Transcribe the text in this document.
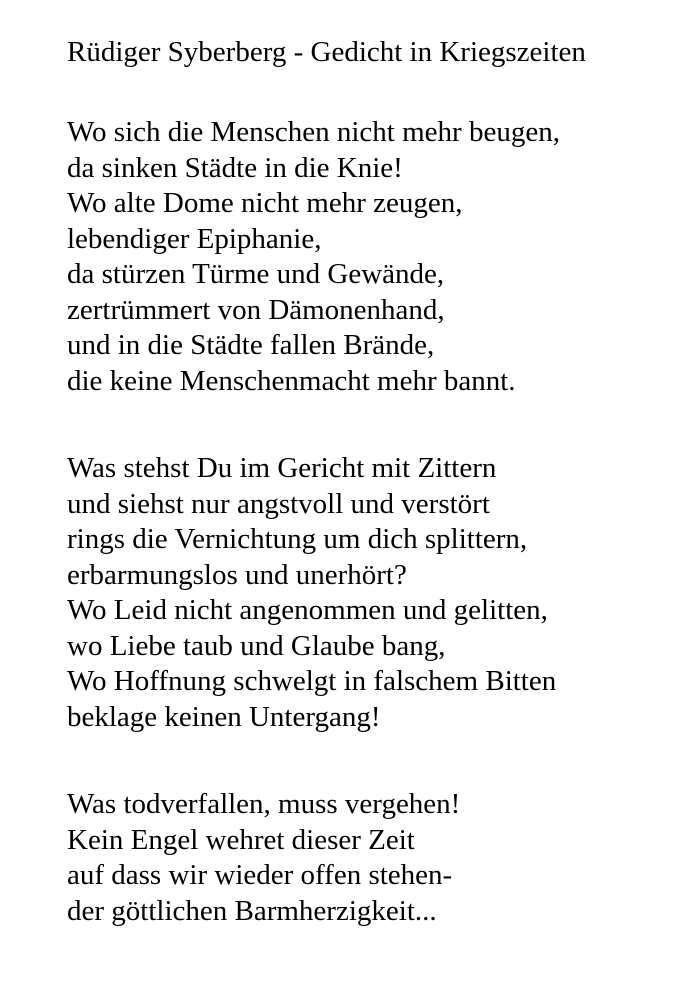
Rüdiger Syberberg - Gedicht in Kriegszeiten
Wo sich die Menschen nicht mehr beugen,
da sinken Städte in die Knie!
Wo alte Dome nicht mehr zeugen,
lebendiger Epiphanie,
da stürzen Türme und Gewände,
zertrümmert von Dämonenhand,
und in die Städte fallen Brände,
die keine Menschenmacht mehr bannt.
Was stehst Du im Gericht mit Zittern
und siehst nur angstvoll und verstört
rings die Vernichtung um dich splittern,
erbarmungslos und unerhört?
Wo Leid nicht angenommen und gelitten,
wo Liebe taub und Glaube bang,
Wo Hoffnung schwelgt in falschem Bitten
beklage keinen Untergang!
Was todverfallen, muss vergehen!
Kein Engel wehret dieser Zeit
auf dass wir wieder offen stehen-
der göttlichen Barmherzigkeit...
